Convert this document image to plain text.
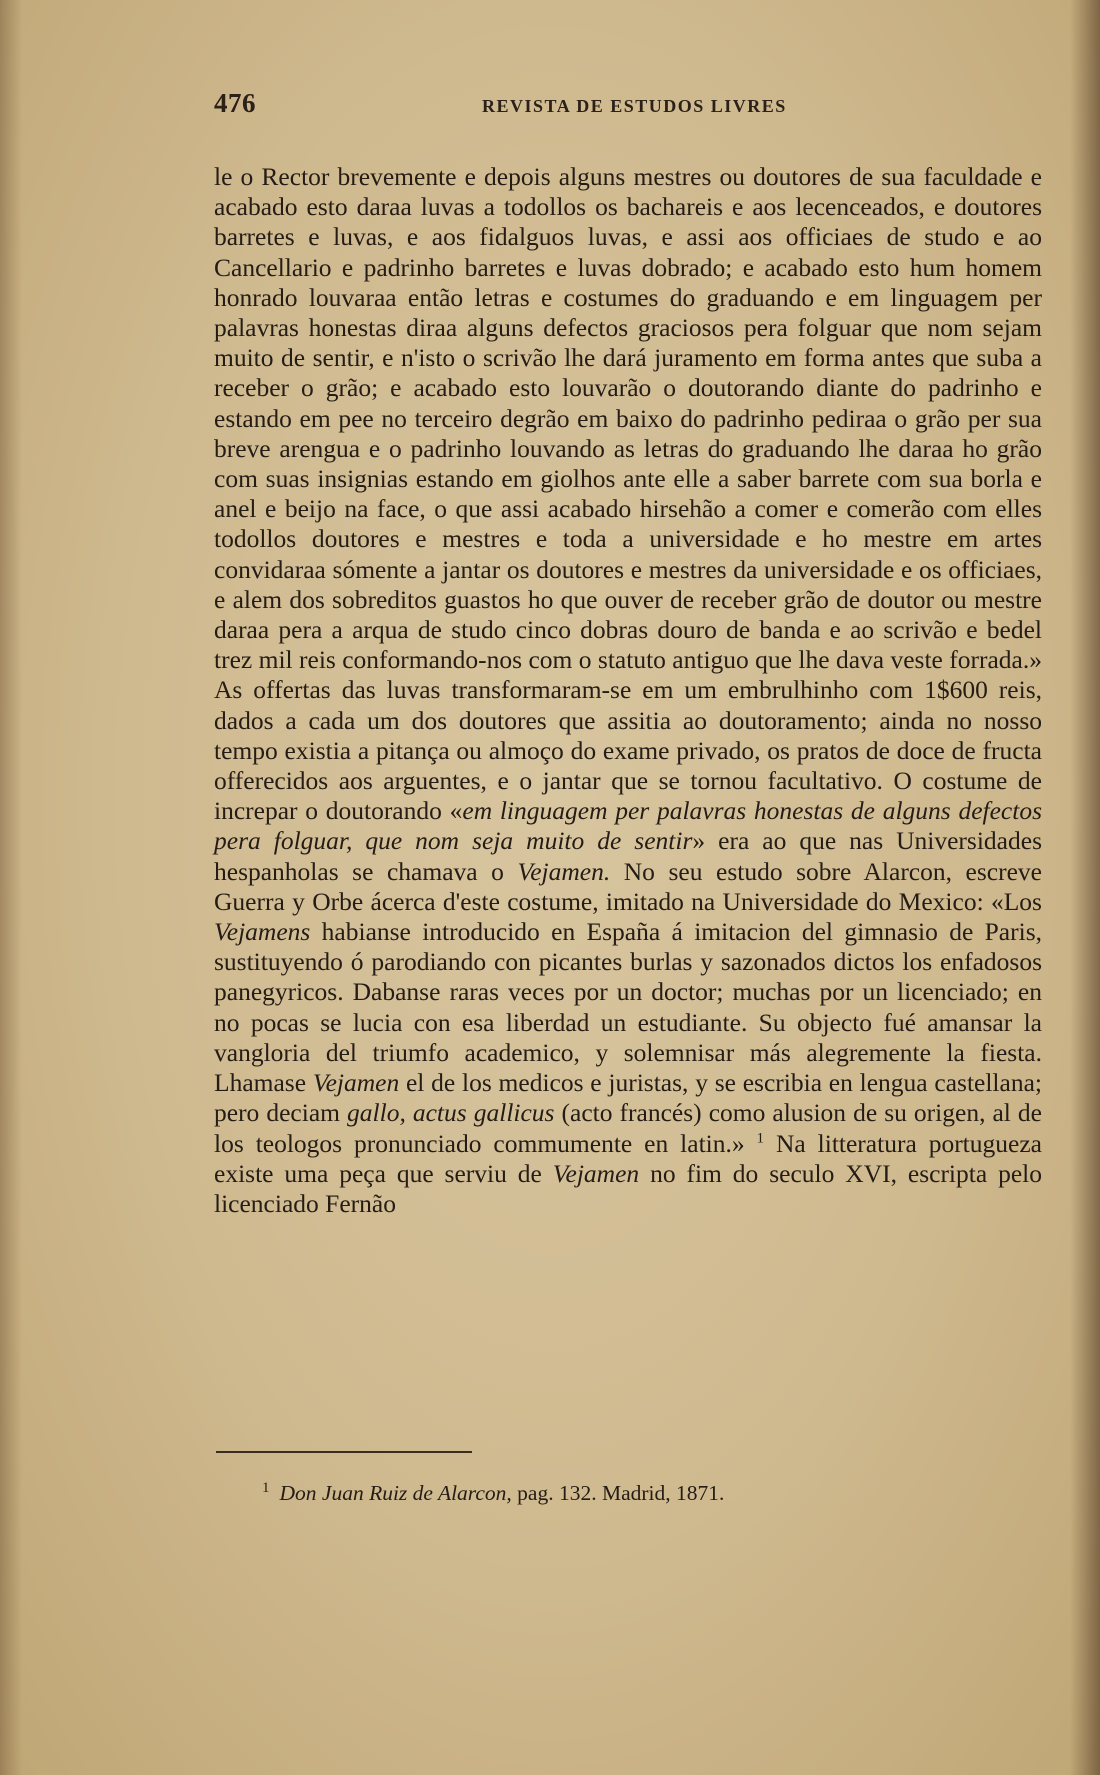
476	REVISTA DE ESTUDOS LIVRES

le o Rector brevemente e depois alguns mestres ou doutores de sua faculdade e acabado esto daraa luvas a todollos os bachareis e aos lecenceados, e doutores barretes e luvas, e aos fidalguos luvas, e assi aos officiaes de studo e ao Cancellario e padrinho barretes e luvas dobrado; e acabado esto hum homem honrado louvaraa então letras e costumes do graduando e em linguagem per palavras honestas diraa alguns defectos graciosos pera folguar que nom sejam muito de sentir, e n'isto o scrivão lhe dará juramento em forma antes que suba a receber o grão; e acabado esto louvarão o doutorando diante do padrinho e estando em pee no terceiro degrão em baixo do padrinho pediraa o grão per sua breve arengua e o padrinho louvando as letras do graduando lhe daraa ho grão com suas insignias estando em giolhos ante elle a saber barrete com sua borla e anel e beijo na face, o que assi acabado hirsehão a comer e comerão com elles todollos doutores e mestres e toda a universidade e ho mestre em artes convidaraa sómente a jantar os doutores e mestres da universidade e os officiaes, e alem dos sobreditos guastos ho que ouver de receber grão de doutor ou mestre daraa pera a arqua de studo cinco dobras douro de banda e ao scrivão e bedel trez mil reis conformando-nos com o statuto antiguo que lhe dava veste forrada.» As offertas das luvas transformaram-se em um embrulhinho com 1$600 reis, dados a cada um dos doutores que assitia ao doutoramento; ainda no nosso tempo existia a pitança ou almoço do exame privado, os pratos de doce de fructa offerecidos aos arguentes, e o jantar que se tornou facultativo. O costume de increpar o doutorando «em linguagem per palavras honestas de alguns defectos pera folguar, que nom seja muito de sentir» era ao que nas Universidades hespanholas se chamava o Vejamen. No seu estudo sobre Alarcon, escreve Guerra y Orbe ácerca d'este costume, imitado na Universidade do Mexico: «Los Vejamens habianse introducido en España á imitacion del gimnasio de Paris, sustituyendo ó parodiando con picantes burlas y sazonados dictos los enfadosos panegyricos. Dabanse raras veces por un doctor; muchas por un licenciado; en no pocas se lucia con esa liberdad un estudiante. Su objecto fué amansar la vangloria del triumfo academico, y solemnisar más alegremente la fiesta. Lhamase Vejamen el de los medicos e juristas, y se escribia en lengua castellana; pero deciam gallo, actus gallicus (acto francés) como alusion de su origen, al de los teologos pronunciado commumente en latin.» $^1$ Na litteratura portugueza existe uma peça que serviu de Vejamen no fim do seculo XVI, escripta pelo licenciado Fernão

$^1$ Don Juan Ruiz de Alarcon, pag. 132. Madrid, 1871.
